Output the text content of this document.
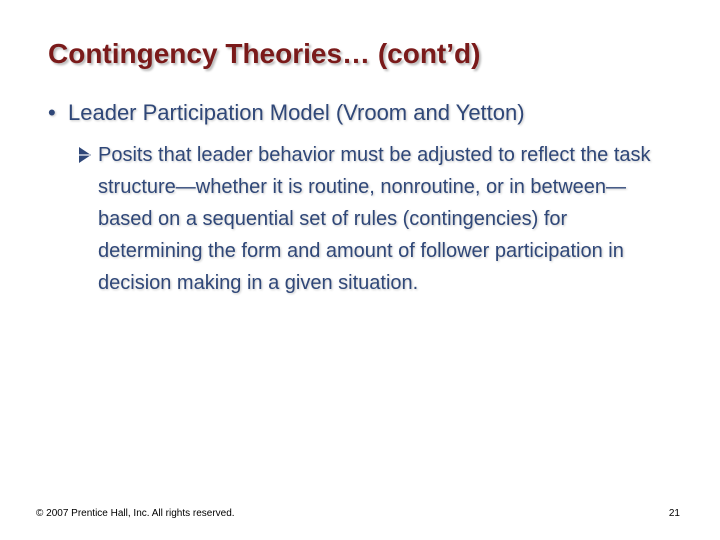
Contingency Theories… (cont’d)
• Leader Participation Model (Vroom and Yetton)
Posits that leader behavior must be adjusted to reflect the task structure—whether it is routine, nonroutine, or in between—based on a sequential set of rules (contingencies) for determining the form and amount of follower participation in decision making in a given situation.
© 2007 Prentice Hall, Inc. All rights reserved.	21
